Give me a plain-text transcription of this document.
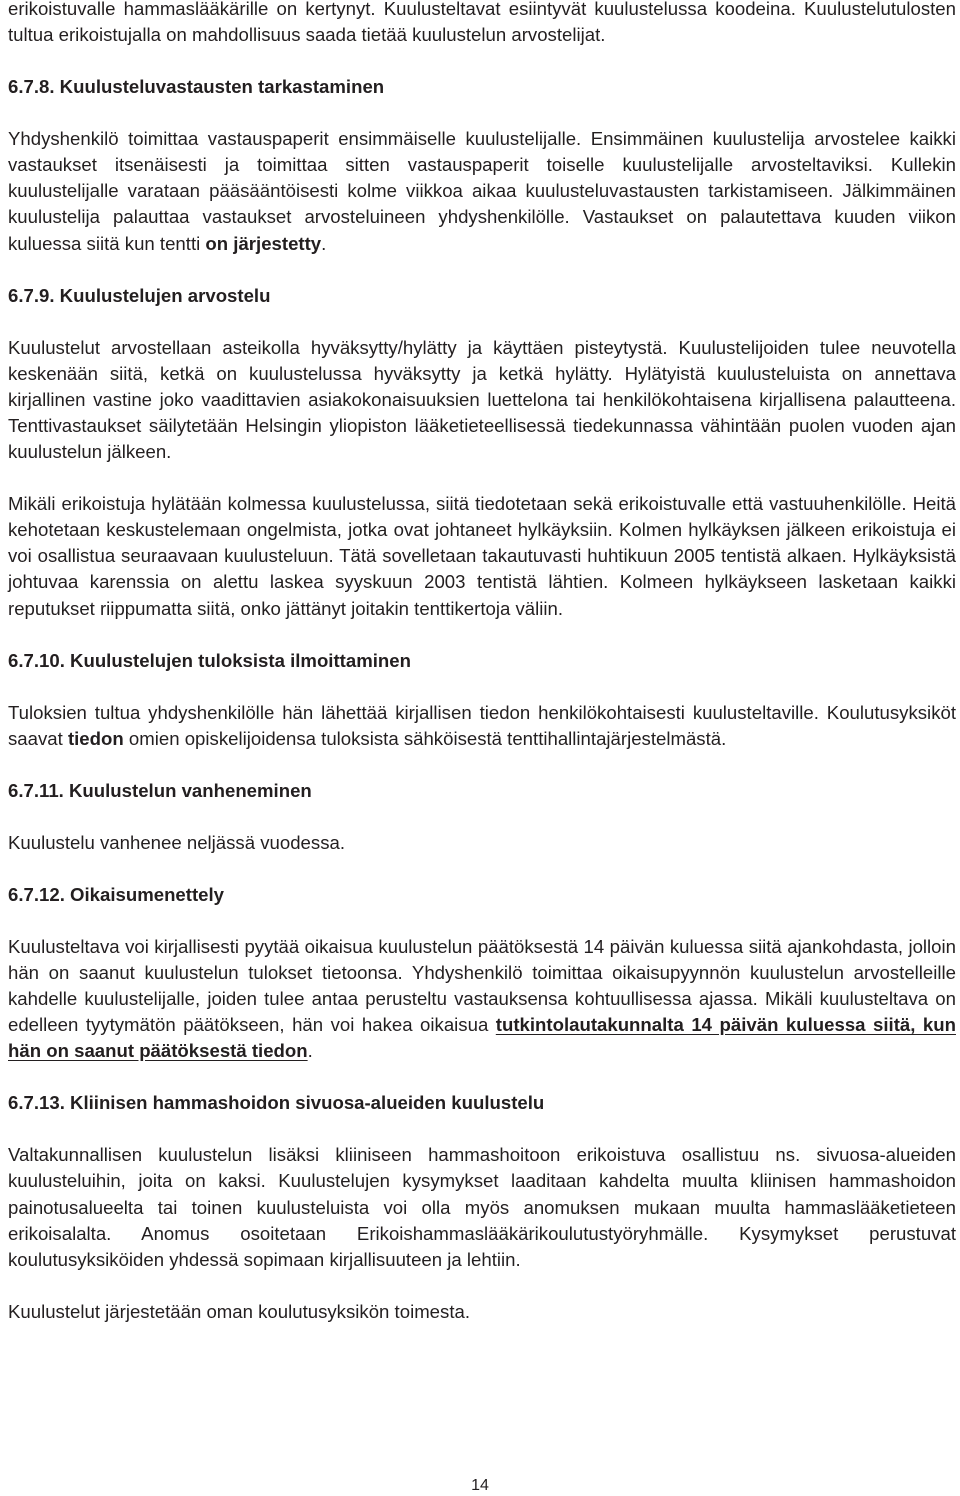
erikoistuvalle hammaslääkärille on kertynyt. Kuulusteltavat esiintyvät kuulustelussa koodeina. Kuulustelutulosten tultua erikoistujalla on mahdollisuus saada tietää kuulustelun arvostelijat.

6.7.8. Kuulusteluvastausten tarkastaminen

Yhdyshenkilö toimittaa vastauspaperit ensimmäiselle kuulustelijalle. Ensimmäinen kuulustelija arvostelee kaikki vastaukset itsenäisesti ja toimittaa sitten vastauspaperit toiselle kuulustelijalle arvosteltaviksi. Kullekin kuulustelijalle varataan pääsääntöisesti kolme viikkoa aikaa kuulusteluvastausten tarkistamiseen. Jälkimmäinen kuulustelija palauttaa vastaukset arvosteluineen yhdyshenkilölle. Vastaukset on palautettava kuuden viikon kuluessa siitä kun tentti on järjestetty.

6.7.9. Kuulustelujen arvostelu

Kuulustelut arvostellaan asteikolla hyväksytty/hylätty ja käyttäen pisteytystä. Kuulustelijoiden tulee neuvotella keskenään siitä, ketkä on kuulustelussa hyväksytty ja ketkä hylätty. Hylätyistä kuulusteluista on annettava kirjallinen vastine joko vaadittavien asiakokonaisuuksien luettelona tai henkilökohtaisena kirjallisena palautteena. Tenttivastaukset säilytetään Helsingin yliopiston lääketieteellisessä tiedekunnassa vähintään puolen vuoden ajan kuulustelun jälkeen.

Mikäli erikoistuja hylätään kolmessa kuulustelussa, siitä tiedotetaan sekä erikoistuvalle että vastuuhenkilölle. Heitä kehotetaan keskustelemaan ongelmista, jotka ovat johtaneet hylkäyksiin. Kolmen hylkäyksen jälkeen erikoistuja ei voi osallistua seuraavaan kuulusteluun. Tätä sovelletaan takautuvasti huhtikuun 2005 tentistä alkaen. Hylkäyksistä johtuvaa karenssia on alettu laskea syyskuun 2003 tentistä lähtien. Kolmeen hylkäykseen lasketaan kaikki reputukset riippumatta siitä, onko jättänyt joitakin tenttikertoja väliin.

6.7.10. Kuulustelujen tuloksista ilmoittaminen

Tuloksien tultua yhdyshenkilölle hän lähettää kirjallisen tiedon henkilökohtaisesti kuulusteltaville. Koulutusyksiköt saavat tiedon omien opiskelijoidensa tuloksista sähköisestä tenttihallintajärjestelmästä.

6.7.11. Kuulustelun vanheneminen

Kuulustelu vanhenee neljässä vuodessa.

6.7.12. Oikaisumenettely

Kuulusteltava voi kirjallisesti pyytää oikaisua kuulustelun päätöksestä 14 päivän kuluessa siitä ajankohdasta, jolloin hän on saanut kuulustelun tulokset tietoonsa. Yhdyshenkilö toimittaa oikaisupyynnön kuulustelun arvostelleille kahdelle kuulustelijalle, joiden tulee antaa perusteltu vastauksensa kohtuullisessa ajassa. Mikäli kuulusteltava on edelleen tyytymätön päätökseen, hän voi hakea oikaisua tutkintolautakunnalta 14 päivän kuluessa siitä, kun hän on saanut päätöksestä tiedon.

6.7.13. Kliinisen hammashoidon sivuosa-alueiden kuulustelu

Valtakunnallisen kuulustelun lisäksi kliiniseen hammashoitoon erikoistuva osallistuu ns. sivuosa-alueiden kuulusteluihin, joita on kaksi. Kuulustelujen kysymykset laaditaan kahdelta muulta kliinisen hammashoidon painotusalueelta tai toinen kuulusteluista voi olla myös anomuksen mukaan muulta hammaslääketieteen erikoisalalta. Anomus osoitetaan Erikoishammaslääkärikoulutustyöryhmälle. Kysymykset perustuvat koulutusyksiköiden yhdessä sopimaan kirjallisuuteen ja lehtiin.

Kuulustelut järjestetään oman koulutusyksikön toimesta.

14
